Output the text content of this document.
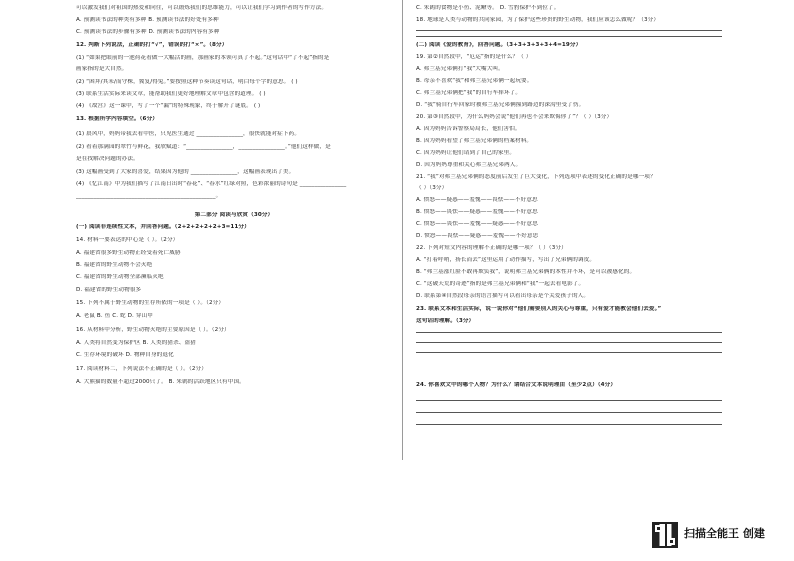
可以激发我们对祖国的热爱和向往，可以锻炼我们的思维能力，可以让我们学习到作者的写作方法。
A. 预测读书法的种类有多种 B. 预测读书法的好处有多种
C. 预测读书法的步骤有多种 D. 预测读书法的内容有多种
12. 判断下列说法，正确的打“√”，错误的打“×”。（8分）
(1) “如果把眼前的一池荷花看做一大幅活的画，那画家的本领可真了不起。”这句话中“了不起”指的是
画家指的是大自然。
(2) “困拜/其未/而守株，冀复/得兔。”要按照这种节奏读这句话，明白每个字的意思。 ( )
(3) 联系生活实际来读文章，能帮助我们更好地理解文章中包含的道理。 ( )
(4) 《故宫》这一课中，写了一个“漏”的特殊现象，终于解开了谜底。 ( )
13. 根据所学内容填空。（6分）
(1) 晨风中，妈妈带我去看中医，只见医生通过 ________________，很快就能对症下药。
(2) 看着那满园的翠竹与鲜花，我欣赋道：“________________，________________。”他们这样做，是
是在找解决问题的办法。
(3) 这幅画受到了大家的喜爱，结果因为他的 ________________，这幅画表现出了美。
(4) 《忆江南》中为我们描写了江南日出时“春花”、“春水”红绿对照，色彩浓丽的诗句是 ________________
________________________________________________。
第二部分 阅读与欣赏（30分）
(一) 阅读非连续性文本，并回答问题。（2+2+2+2+2+3=11分）
14. 材料一要表达的中心是（ ）。（2分）
A. 福建省很多野生动物正经受着死亡威胁
B. 福建省的野生动物不会灭绝
C. 福建省的野生动物全部濒临灭绝
D. 福建省的野生动物很多
15. 下列不属于野生动物的生存所依的一项是（ ）。（2分）
A. 老鼠 B. 鱼 C. 蛇 D. 穿山甲
16. 从材料中分析，野生动物灭绝的主要原因是（ ）。（2分）
A. 人类将自然变为保护区 B. 人类的猎杀、盗猎
C. 生存环境的破坏 D. 物种自身的退化
17. 阅读材料二，下列说法不正确的是（ ）。（2分）
A. 大熊猫的数量不超过2000只了。 B. 朱鹮的活跃地区只有中国。
C. 朱鹮的食物是小鱼、泥鳅等。 D. 雪豹保护不到位了。
18. 地球是人类与动物的共同家园，为了保护这些珍贵的野生动物，我们应该怎么做呢？（3分）
(二) 阅读《爱的教育》，回答问题。（3+3+3+3+3+4=19分）
19. 第②自然段中，“厄运”指的是什么？（ ）
A. 弗兰基兄弟俩打“我”大嘴大叫。
B. 母亲不喜欢“我”和弗兰基兄弟俩一起玩耍。
C. 弗兰基兄弟俩把“我”的自行车摔坏了。
D. “我”骑自行车回家时被弗兰基兄弟俩撞到路边的深沟里受了伤。
20. 第③自然段中，为什么妈妈会说“他们再也不会来欺侮你了”？（ ）（3分）
A. 因为妈妈告诉警察局局长，他们害怕。
B. 因为妈妈看望了弗兰基兄弟俩的档案材料。
C. 因为妈妈让他们请到了自己的家里。
D. 因为妈妈尊重和关心弗兰基兄弟两人。
21. “我”对弗兰基兄弟俩的态度前后发生了巨大变化，下列选项中表述的变化正确的是哪一项？
（ ）（3分）
A. 愤怒——疑惑——羞愧——畏怯——不好意思
B. 愤怒——畏怯——疑惑——羞愧——不好意思
C. 愤怒——畏怯——羞愧——疑惑——不好意思
D. 愤怒——畏怯——疑惑——羞愧——不好意思
22. 下列对短文内容的理解不正确的是哪一项？（ ）（3分）
A. “打着呼哨，扬长而去”这里运用了动作描写，写出了兄弟俩的调皮。
B. “弗兰基涨红脸不敢再欺负我”，说明弗兰基兄弟俩的本性并不坏，是可以被感化的。
C. “这破天荒的奇迹”指的是弗兰基兄弟俩和“我”一起去看电影了。
D. 联系第④自然段母亲的语言描写可以看出母亲是个关爱孩子的人。
23. 联系文本和生活实际，说一说你对“他们需要别人的关心与尊重，只有爱才能教会他们去爱。”
这句话的理解。（3分）
24. 你喜欢文中的哪个人物？为什么？请结合文本说明理由（至少2点）（4分）
扫描全能王 创建
